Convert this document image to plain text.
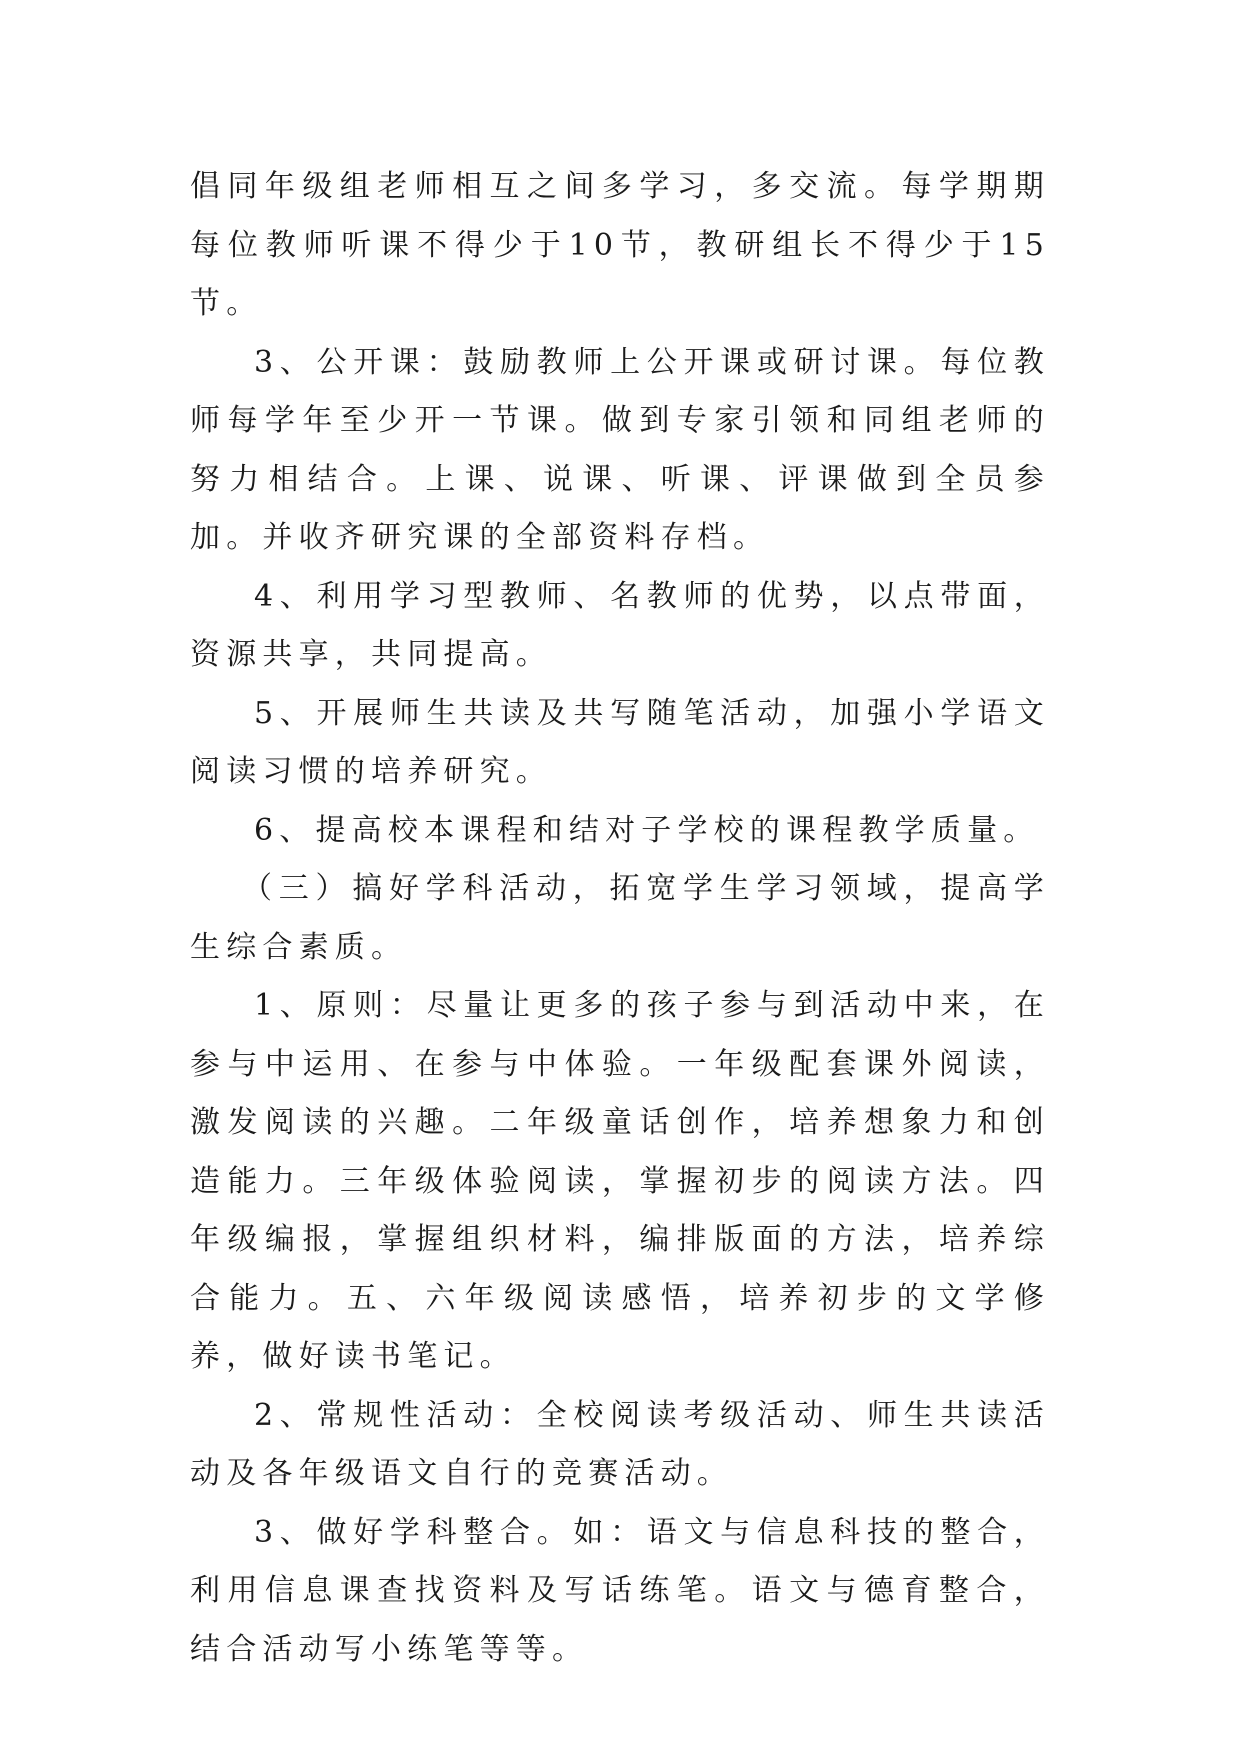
倡同年级组老师相互之间多学习，多交流。每学期期每位教师听课不得少于10节，教研组长不得少于15节。

3、公开课：鼓励教师上公开课或研讨课。每位教师每学年至少开一节课。做到专家引领和同组老师的努力相结合。上课、说课、听课、评课做到全员参加。并收齐研究课的全部资料存档。

4、利用学习型教师、名教师的优势，以点带面，资源共享，共同提高。

5、开展师生共读及共写随笔活动，加强小学语文阅读习惯的培养研究。

6、提高校本课程和结对子学校的课程教学质量。

（三）搞好学科活动，拓宽学生学习领域，提高学生综合素质。

1、原则：尽量让更多的孩子参与到活动中来，在参与中运用、在参与中体验。一年级配套课外阅读，激发阅读的兴趣。二年级童话创作，培养想象力和创造能力。三年级体验阅读，掌握初步的阅读方法。四年级编报，掌握组织材料，编排版面的方法，培养综合能力。五、六年级阅读感悟，培养初步的文学修养，做好读书笔记。

2、常规性活动：全校阅读考级活动、师生共读活动及各年级语文自行的竞赛活动。

3、做好学科整合。如：语文与信息科技的整合，利用信息课查找资料及写话练笔。语文与德育整合，结合活动写小练笔等等。
